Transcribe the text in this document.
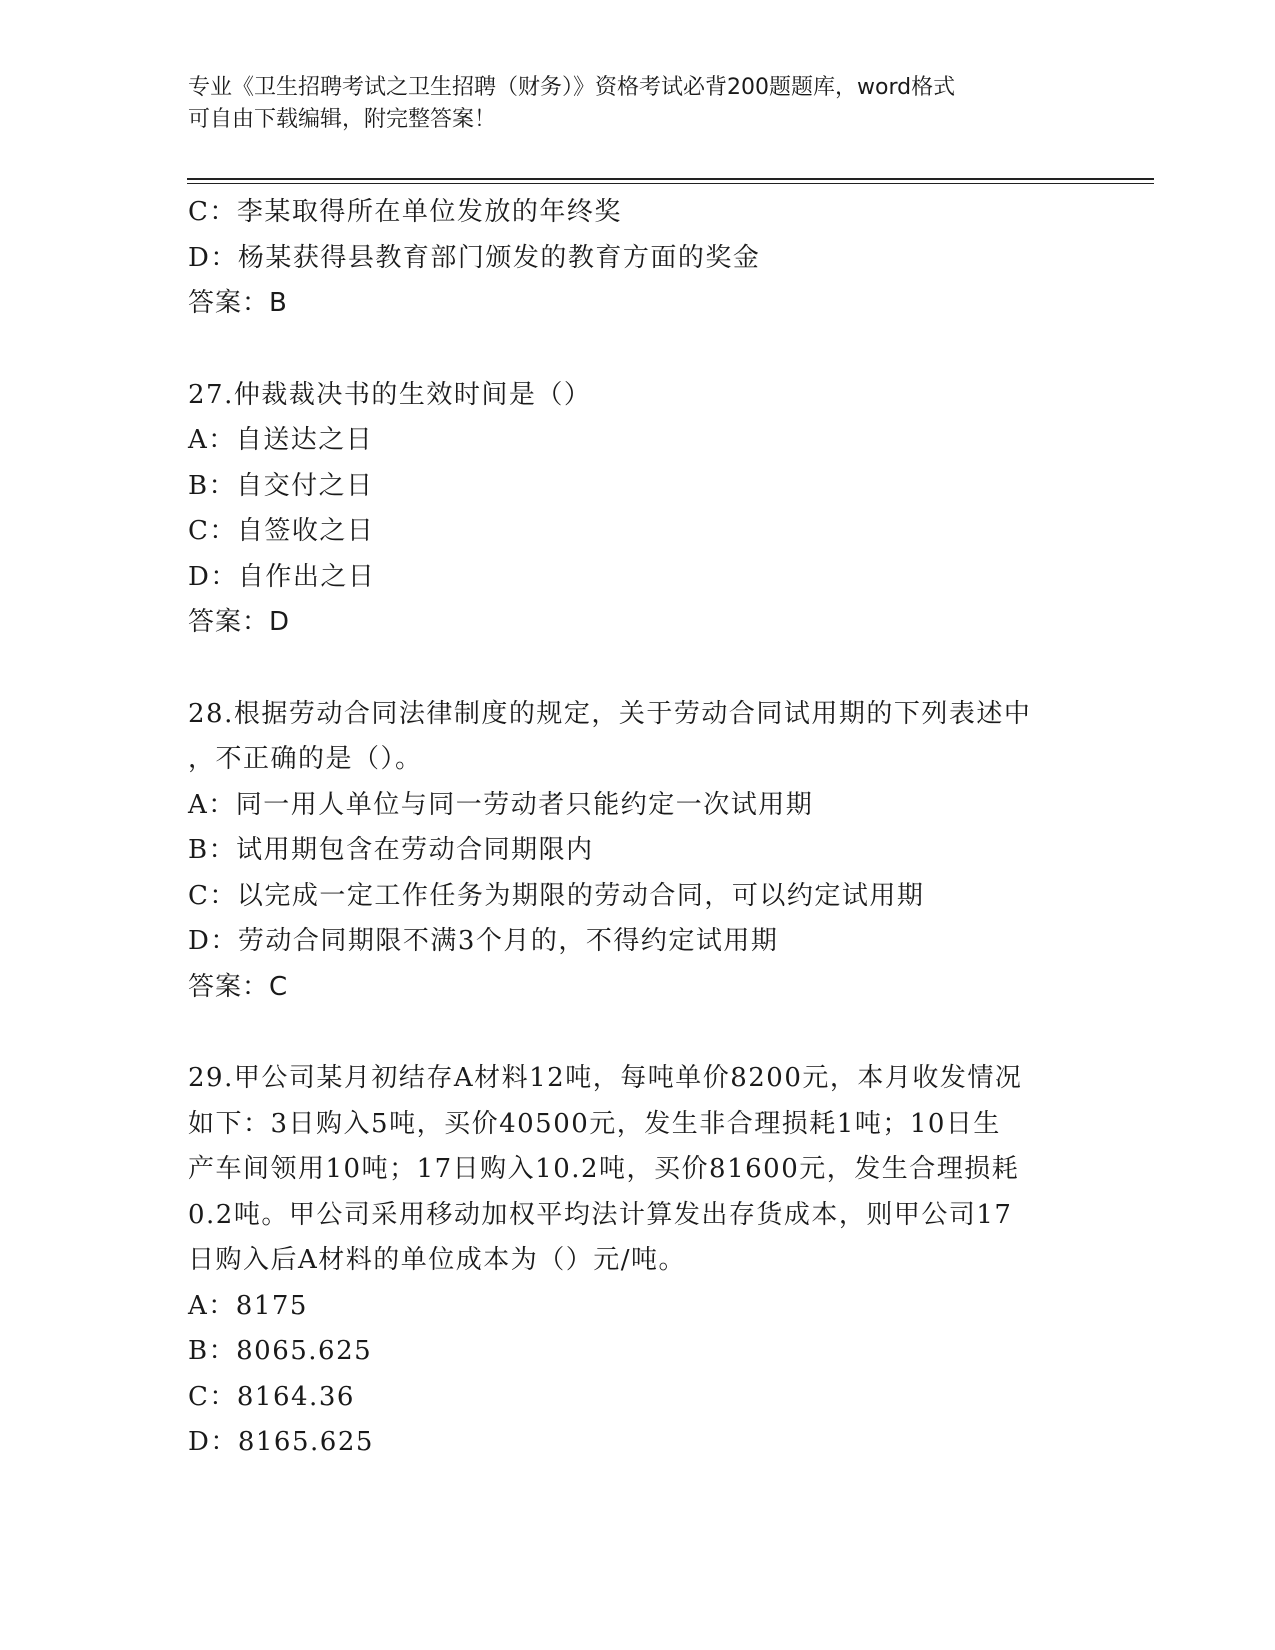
专业《卫生招聘考试之卫生招聘（财务）》资格考试必背200题题库，word格式
可自由下载编辑，附完整答案！
C：李某取得所在单位发放的年终奖
D：杨某获得县教育部门颁发的教育方面的奖金
答案：B
27.仲裁裁决书的生效时间是（）
A：自送达之日
B：自交付之日
C：自签收之日
D：自作出之日
答案：D
28.根据劳动合同法律制度的规定，关于劳动合同试用期的下列表述中
，不正确的是（）。
A：同一用人单位与同一劳动者只能约定一次试用期
B：试用期包含在劳动合同期限内
C：以完成一定工作任务为期限的劳动合同，可以约定试用期
D：劳动合同期限不满3个月的，不得约定试用期
答案：C
29.甲公司某月初结存A材料12吨，每吨单价8200元，本月收发情况
如下：3日购入5吨，买价40500元，发生非合理损耗1吨；10日生
产车间领用10吨；17日购入10.2吨，买价81600元，发生合理损耗
0.2吨。甲公司采用移动加权平均法计算发出存货成本，则甲公司17
日购入后A材料的单位成本为（）元/吨。
A：8175
B：8065.625
C：8164.36
D：8165.625
